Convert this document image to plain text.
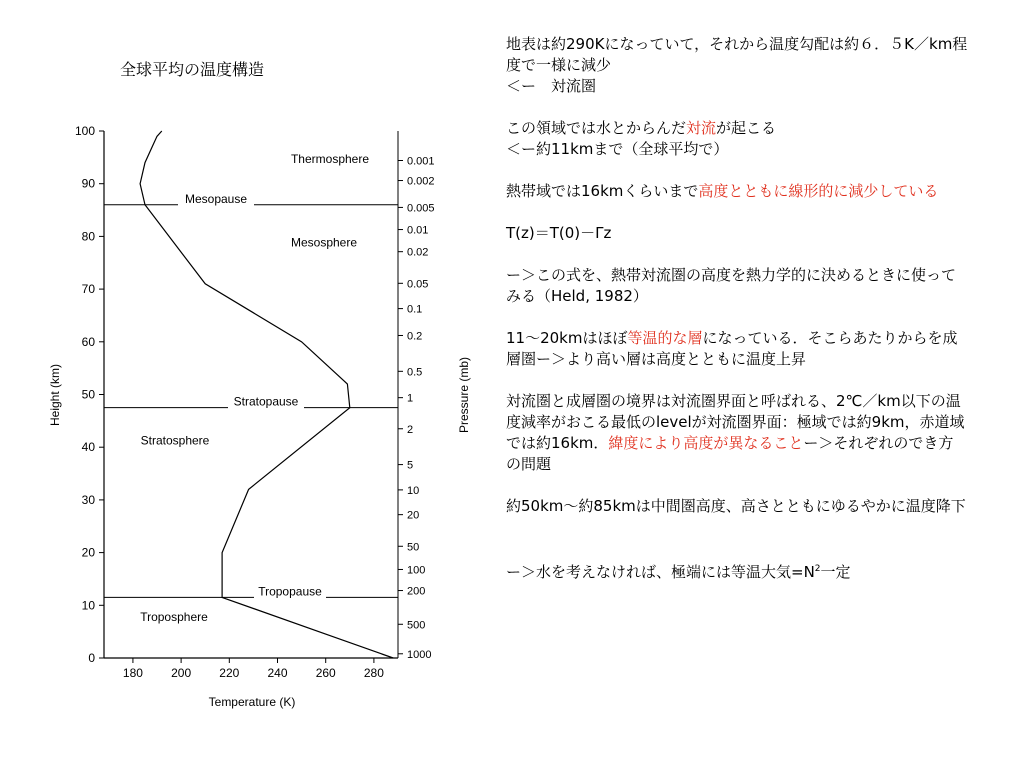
全球平均の温度構造
0
10
20
30
40
50
60
70
80
90
100
180 200 220 240 260 280
0.001
0.002
0.005
0.01
0.02
0.05
0.1
0.2
0.5
1
2
5
10
20
50
100
200
500
1000
Mesopause
Stratopause
Tropopause
Thermosphere
Mesosphere
Stratosphere
Troposphere
Temperature (K)
Height (km)	Pressure (mb)

地表は約290Kになっていて，それから温度勾配は約６．５K／km程度で一様に減少
＜ー　対流圏

この領域では水とからんだ対流が起こる
＜ー約11kmまで（全球平均で）

熱帯域では16kmくらいまで高度とともに線形的に減少している

T(z)＝T(0)－Γz

ー＞この式を、熱帯対流圏の高度を熱力学的に決めるときに使ってみる（Held, 1982）

11～20kmはほぼ等温的な層になっている．そこらあたりからを成層圏ー＞より高い層は高度とともに温度上昇

対流圏と成層圏の境界は対流圏界面と呼ばれる、2℃／km以下の温度減率がおこる最低のlevelが対流圏界面：極域では約9km，赤道域では約16km．緯度により高度が異なることー＞それぞれのでき方の問題

約50km～約85kmは中間圏高度、高さとともにゆるやかに温度降下

ー＞水を考えなければ、極端には等温大気$=N^2$一定
